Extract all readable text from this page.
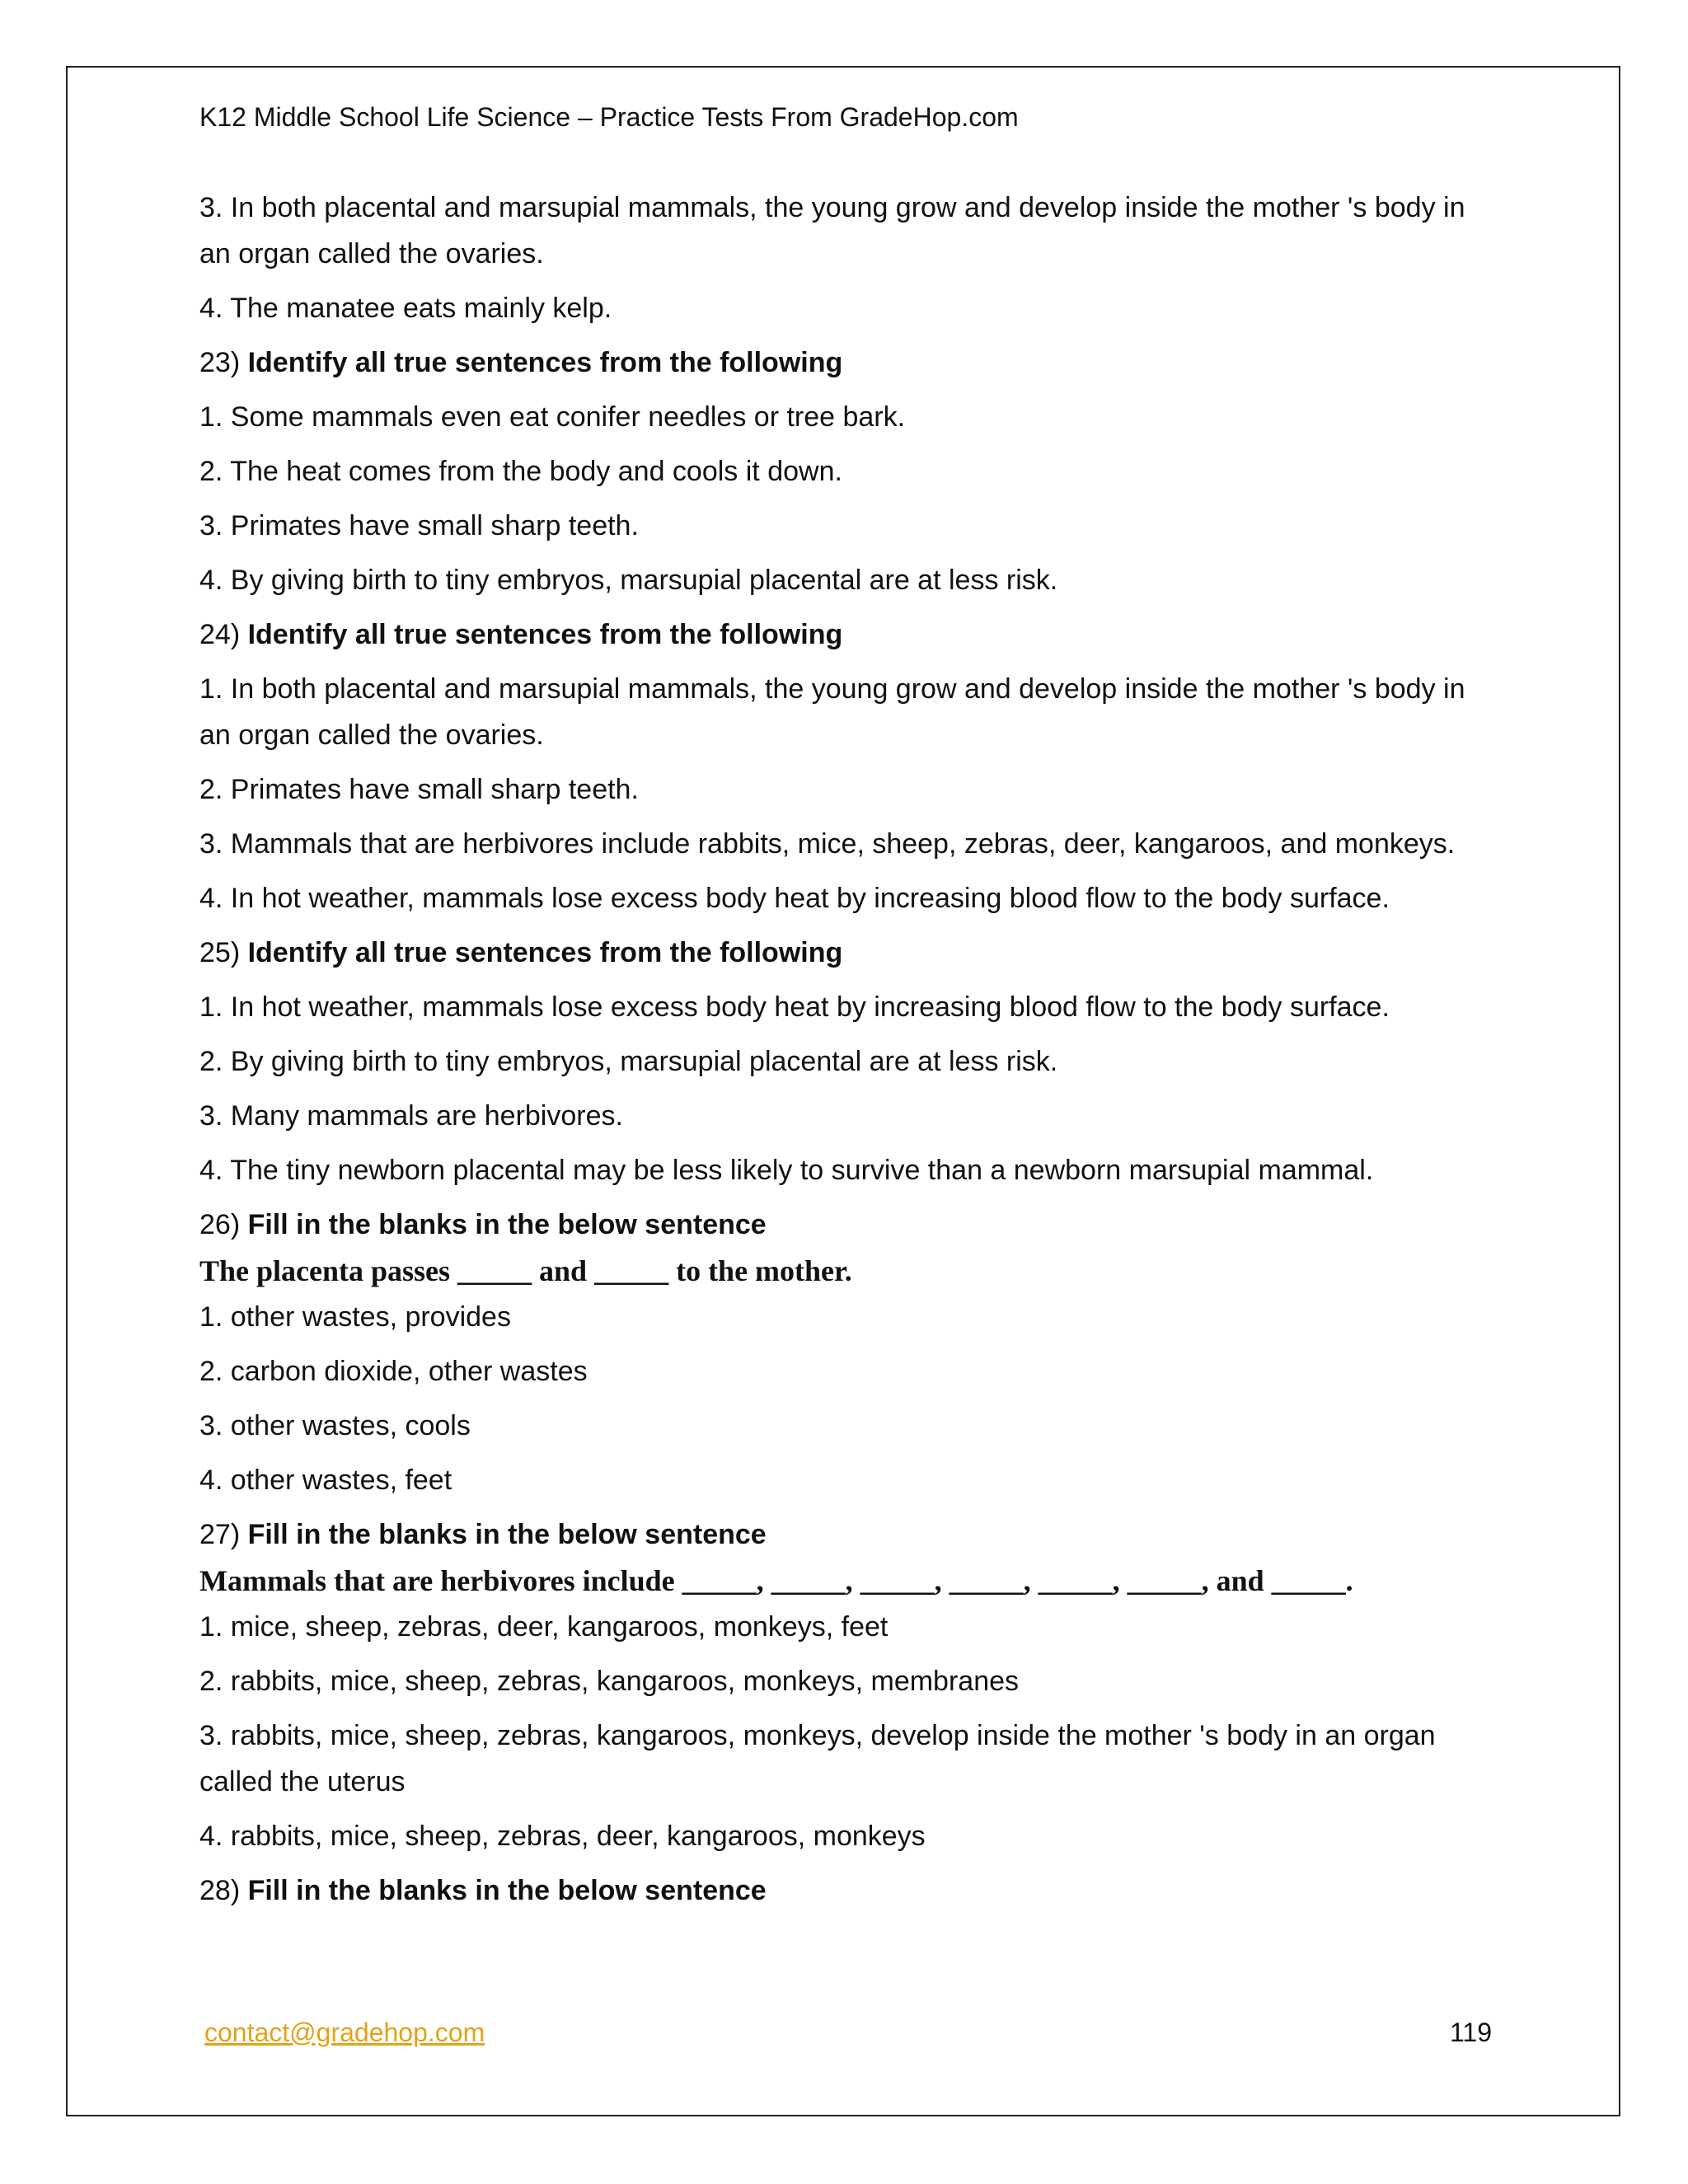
K12 Middle School Life Science – Practice Tests From GradeHop.com
3. In both placental and marsupial mammals, the young grow and develop inside the mother 's body in an organ called the ovaries.
4. The manatee eats mainly kelp.
23) Identify all true sentences from the following
1. Some mammals even eat conifer needles or tree bark.
2. The heat comes from the body and cools it down.
3. Primates have small sharp teeth.
4. By giving birth to tiny embryos, marsupial placental are at less risk.
24) Identify all true sentences from the following
1. In both placental and marsupial mammals, the young grow and develop inside the mother 's body in an organ called the ovaries.
2. Primates have small sharp teeth.
3. Mammals that are herbivores include rabbits, mice, sheep, zebras, deer, kangaroos, and monkeys.
4. In hot weather, mammals lose excess body heat by increasing blood flow to the body surface.
25) Identify all true sentences from the following
1. In hot weather, mammals lose excess body heat by increasing blood flow to the body surface.
2. By giving birth to tiny embryos, marsupial placental are at less risk.
3. Many mammals are herbivores.
4. The tiny newborn placental may be less likely to survive than a newborn marsupial mammal.
26) Fill in the blanks in the below sentence
The placenta passes _____ and _____ to the mother.
1. other wastes, provides
2. carbon dioxide, other wastes
3. other wastes, cools
4. other wastes, feet
27) Fill in the blanks in the below sentence
Mammals that are herbivores include _____, _____, _____, _____, _____, _____, and _____.
1. mice, sheep, zebras, deer, kangaroos, monkeys, feet
2. rabbits, mice, sheep, zebras, kangaroos, monkeys, membranes
3. rabbits, mice, sheep, zebras, kangaroos, monkeys, develop inside the mother 's body in an organ called the uterus
4. rabbits, mice, sheep, zebras, deer, kangaroos, monkeys
28) Fill in the blanks in the below sentence
contact@gradehop.com	119
